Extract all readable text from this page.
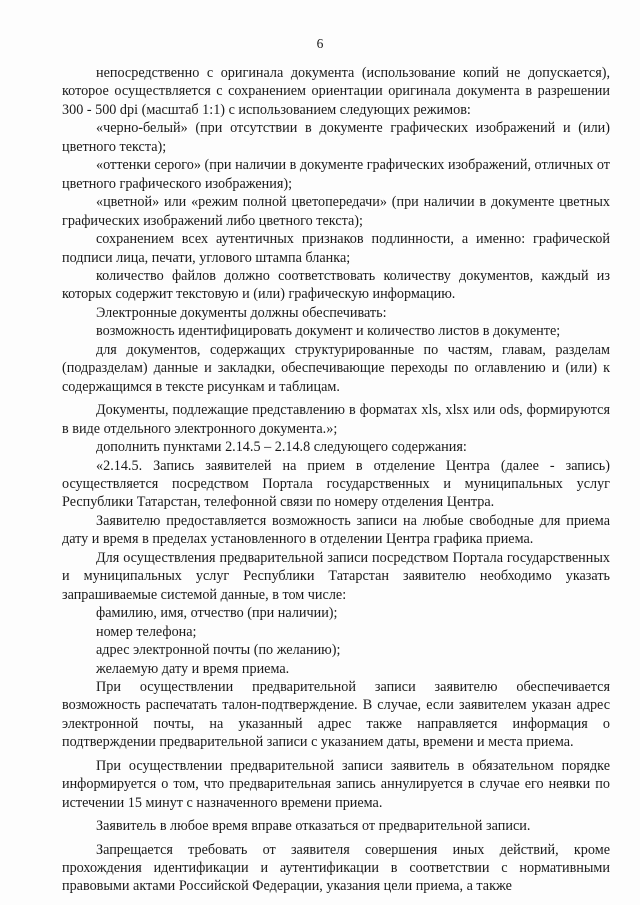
6

непосредственно с оригинала документа (использование копий не допускается), которое осуществляется с сохранением ориентации оригинала документа в разрешении 300 - 500 dpi (масштаб 1:1) с использованием следующих режимов:

«черно-белый» (при отсутствии в документе графических изображений и (или) цветного текста);

«оттенки серого» (при наличии в документе графических изображений, отличных от цветного графического изображения);

«цветной» или «режим полной цветопередачи» (при наличии в документе цветных графических изображений либо цветного текста);

сохранением всех аутентичных признаков подлинности, а именно: графической подписи лица, печати, углового штампа бланка;

количество файлов должно соответствовать количеству документов, каждый из которых содержит текстовую и (или) графическую информацию.

Электронные документы должны обеспечивать:

возможность идентифицировать документ и количество листов в документе;

для документов, содержащих структурированные по частям, главам, разделам (подразделам) данные и закладки, обеспечивающие переходы по оглавлению и (или) к содержащимся в тексте рисункам и таблицам.

Документы, подлежащие представлению в форматах xls, xlsx или ods, формируются в виде отдельного электронного документа.»;

дополнить пунктами 2.14.5 – 2.14.8 следующего содержания:

«2.14.5. Запись заявителей на прием в отделение Центра (далее - запись) осуществляется посредством Портала государственных и муниципальных услуг Республики Татарстан, телефонной связи по номеру отделения Центра.

Заявителю предоставляется возможность записи на любые свободные для приема дату и время в пределах установленного в отделении Центра графика приема.

Для осуществления предварительной записи посредством Портала государственных и муниципальных услуг Республики Татарстан заявителю необходимо указать запрашиваемые системой данные, в том числе:

фамилию, имя, отчество (при наличии);

номер телефона;

адрес электронной почты (по желанию);

желаемую дату и время приема.

При осуществлении предварительной записи заявителю обеспечивается возможность распечатать талон-подтверждение. В случае, если заявителем указан адрес электронной почты, на указанный адрес также направляется информация о подтверждении предварительной записи с указанием даты, времени и места приема.

При осуществлении предварительной записи заявитель в обязательном порядке информируется о том, что предварительная запись аннулируется в случае его неявки по истечении 15 минут с назначенного времени приема.

Заявитель в любое время вправе отказаться от предварительной записи.

Запрещается требовать от заявителя совершения иных действий, кроме прохождения идентификации и аутентификации в соответствии с нормативными правовыми актами Российской Федерации, указания цели приема, а также
